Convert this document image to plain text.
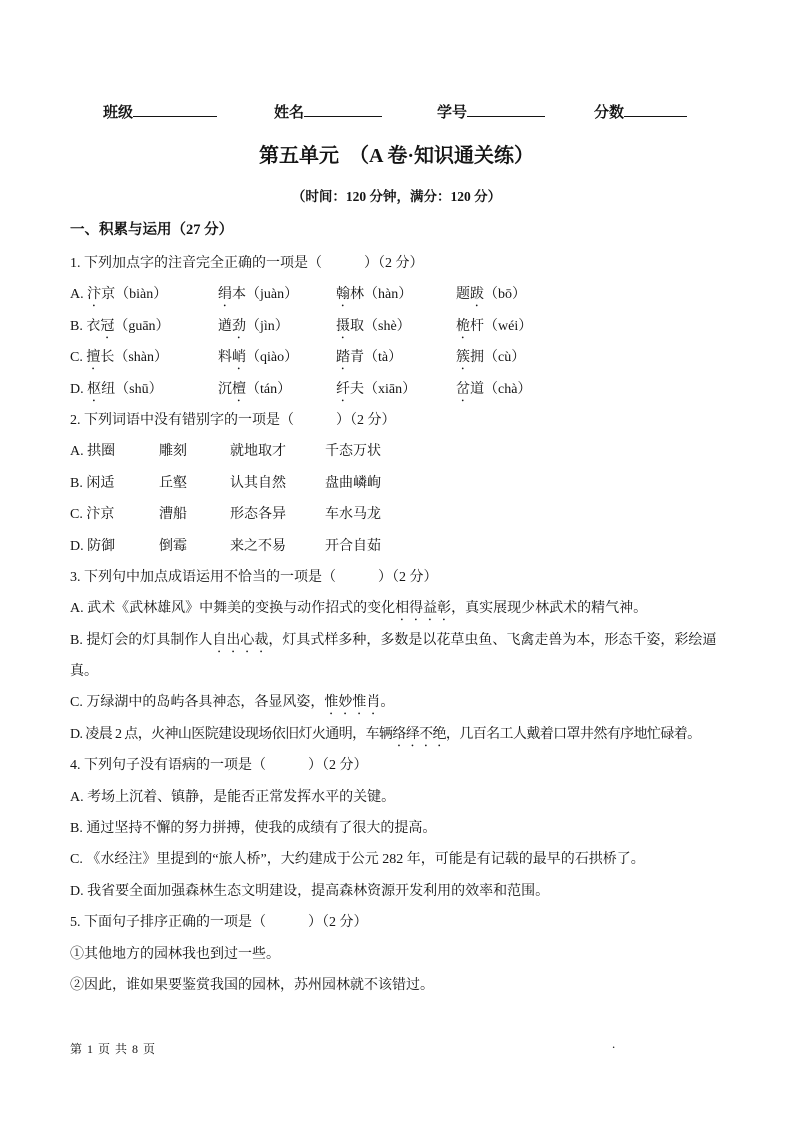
班级	姓名	学号	分数
第五单元　（A 卷·知识通关练）
（时间：120 分钟，满分：120 分）
一、积累与运用（27 分）
1. 下列加点字的注音完全正确的一项是（　　　）（2 分）
A. 汴京（biàn）	绢本（juàn）	翰林（hàn）	题跋（bō）
B. 衣冠（guān）	遒劲（jìn）	摄取（shè）	桅杆（wéi）
C. 擅长（shàn）	料峭（qiào）	踏青（tà）	簇拥（cù）
D. 枢纽（shū）	沉檀（tán）	纤夫（xiān）	岔道（chà）
2. 下列词语中没有错别字的一项是（　　　）（2 分）
A. 拱圈	雕刻	就地取才	千态万状
B. 闲适	丘壑	认其自然	盘曲嶙峋
C. 汴京	漕船	形态各异	车水马龙
D. 防御	倒霉	来之不易	开合自茹
3. 下列句中加点成语运用不恰当的一项是（　　　）（2 分）
A. 武术《武林雄风》中舞美的变换与动作招式的变化相得益彰，真实展现少林武术的精气神。
B. 提灯会的灯具制作人自出心裁，灯具式样多种，多数是以花草虫鱼、飞禽走兽为本，形态千姿，彩绘逼
真。
C. 万绿湖中的岛屿各具神态，各显风姿，惟妙惟肖。
D. 凌晨 2 点，火神山医院建设现场依旧灯火通明，车辆络绎不绝，几百名工人戴着口罩井然有序地忙碌着。
4. 下列句子没有语病的一项是（　　　）（2 分）
A. 考场上沉着、镇静，是能否正常发挥水平的关键。
B. 通过坚持不懈的努力拼搏，使我的成绩有了很大的提高。
C. 《水经注》里提到的“旅人桥”，大约建成于公元 282 年，可能是有记载的最早的石拱桥了。
D. 我省要全面加强森林生态文明建设，提高森林资源开发利用的效率和范围。
5. 下面句子排序正确的一项是（　　　）（2 分）
①其他地方的园林我也到过一些。
②因此，谁如果要鉴赏我国的园林，苏州园林就不该错过。
第 1 页 共 8 页	.
